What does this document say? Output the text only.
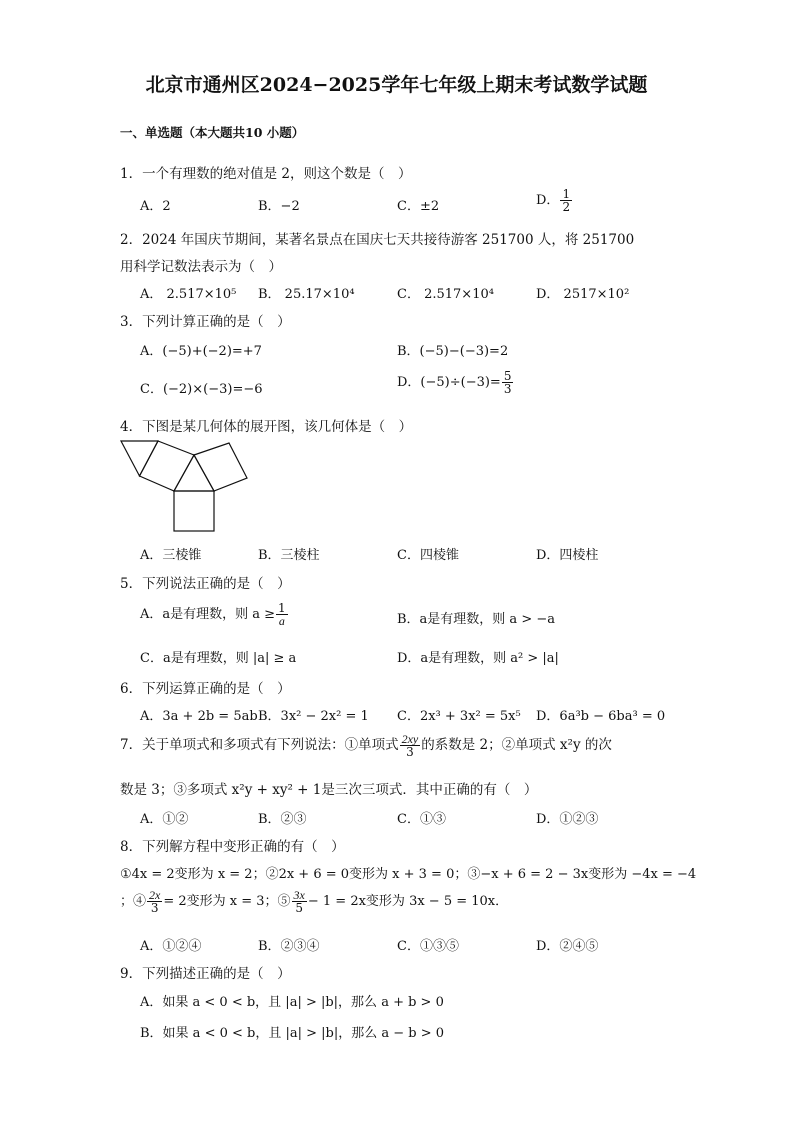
北京市通州区2024−2025学年七年级上期末考试数学试题
一、单选题（本大题共10 小题）
1．一个有理数的绝对值是 2，则这个数是（　）
A．2	B．−2	C．±2	D． $\frac{1}{2}$
2．2024 年国庆节期间，某著名景点在国庆七天共接待游客 251700 人，将 251700
用科学记数法表示为（　）
A． 2.517×10⁵ B． 25.17×10⁴	C． 2.517×10⁴	D． 2517×10²
3．下列计算正确的是（　）
A．(−5)+(−2)=+7	B．(−5)−(−3)=2
C．(−2)×(−3)=−6	D．$(-5)\div(-3)= \frac{5}{3}$
4．下图是某几何体的展开图，该几何体是（　）
A．三棱锥	B．三棱柱	C．四棱锥	D．四棱柱
5．下列说法正确的是（　）
A．a是有理数，则 $a \ge \frac{1}{a}$	B．a是有理数，则 a > −a
C．a是有理数，则 |a| ≥ a	D．a是有理数，则 a² > |a|
6．下列运算正确的是（　）
A．3a + 2b = 5ab B．3x² − 2x² = 1 C．2x³ + 3x² = 5x⁵ D．6a³b − 6ba³ = 0
7．关于单项式和多项式有下列说法：①单项式 $\frac{2xy}{3}$ 的系数是 2；②单项式 x²y 的次
数是 3；③多项式 x²y + xy² + 1是三次三项式．其中正确的有（　）
A．①②	B．②③	C．①③	D．①②③
8．下列解方程中变形正确的有（　）
①4x = 2变形为 x = 2；②2x + 6 = 0变形为 x + 3 = 0；③−x + 6 = 2 − 3x变形为 −4x = −4
；④ $\frac{2x}{3} = 2$变形为 x = 3；⑤ $\frac{3x}{5} - 1 = 2x$变形为 3x − 5 = 10x．
A．①②④	B．②③④	C．①③⑤	D．②④⑤
9．下列描述正确的是（　）
A．如果 a < 0 < b，且 |a| > |b|，那么 a + b > 0
B．如果 a < 0 < b，且 |a| > |b|，那么 a − b > 0
